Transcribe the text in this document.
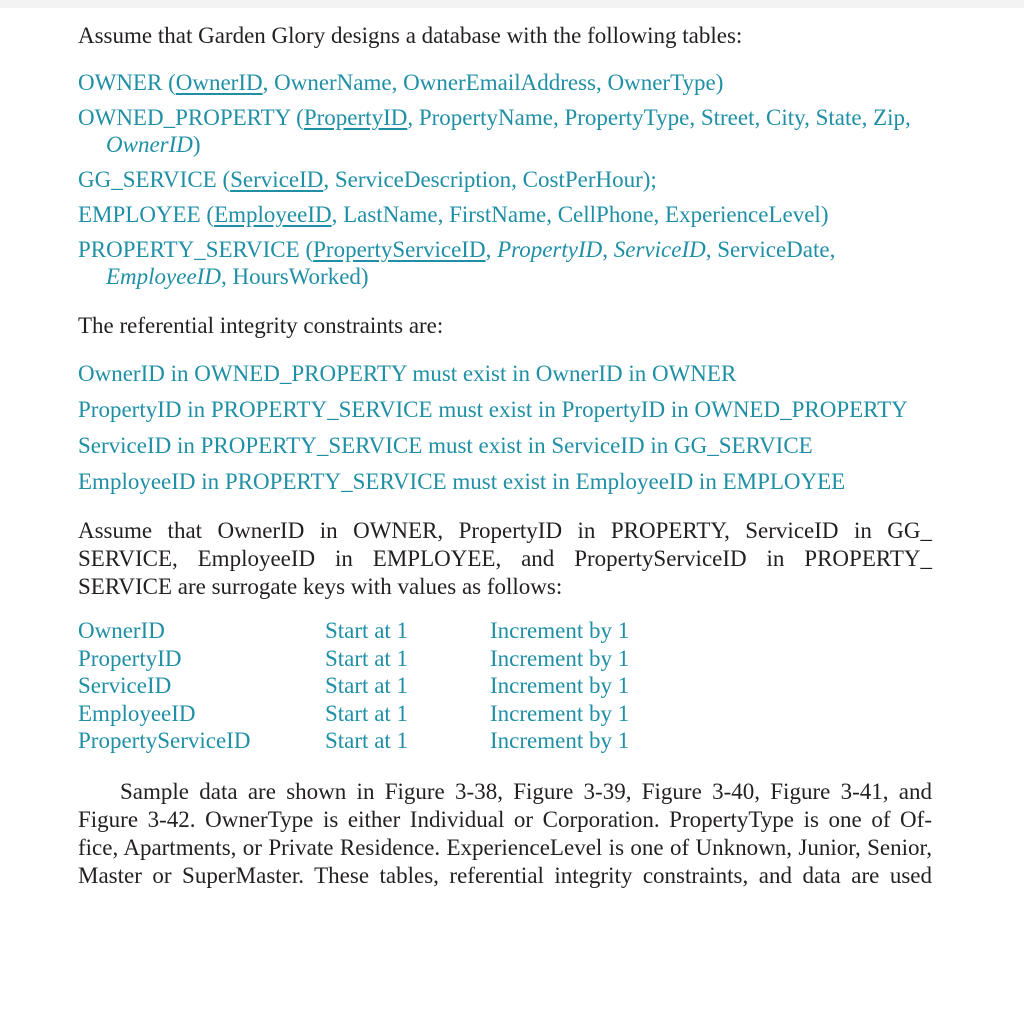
Assume that Garden Glory designs a database with the following tables:

OWNER (OwnerID, OwnerName, OwnerEmailAddress, OwnerType)

OWNED_PROPERTY (PropertyID, PropertyName, PropertyType, Street, City, State, Zip, OwnerID)

GG_SERVICE (ServiceID, ServiceDescription, CostPerHour);

EMPLOYEE (EmployeeID, LastName, FirstName, CellPhone, ExperienceLevel)

PROPERTY_SERVICE (PropertyServiceID, PropertyID, ServiceID, ServiceDate, EmployeeID, HoursWorked)

The referential integrity constraints are:

OwnerID in OWNED_PROPERTY must exist in OwnerID in OWNER

PropertyID in PROPERTY_SERVICE must exist in PropertyID in OWNED_PROPERTY

ServiceID in PROPERTY_SERVICE must exist in ServiceID in GG_SERVICE

EmployeeID in PROPERTY_SERVICE must exist in EmployeeID in EMPLOYEE

Assume that OwnerID in OWNER, PropertyID in PROPERTY, ServiceID in GG_
SERVICE, EmployeeID in EMPLOYEE, and PropertyServiceID in PROPERTY_
SERVICE are surrogate keys with values as follows:
OwnerID	Start at 1	Increment by 1
PropertyID	Start at 1	Increment by 1
ServiceID	Start at 1	Increment by 1
EmployeeID	Start at 1	Increment by 1
PropertyServiceID	Start at 1	Increment by 1
Sample data are shown in Figure 3-38, Figure 3-39, Figure 3-40, Figure 3-41, and
Figure 3-42. OwnerType is either Individual or Corporation. PropertyType is one of Of-
fice, Apartments, or Private Residence. ExperienceLevel is one of Unknown, Junior, Senior,
Master or SuperMaster. These tables, referential integrity constraints, and data are used
